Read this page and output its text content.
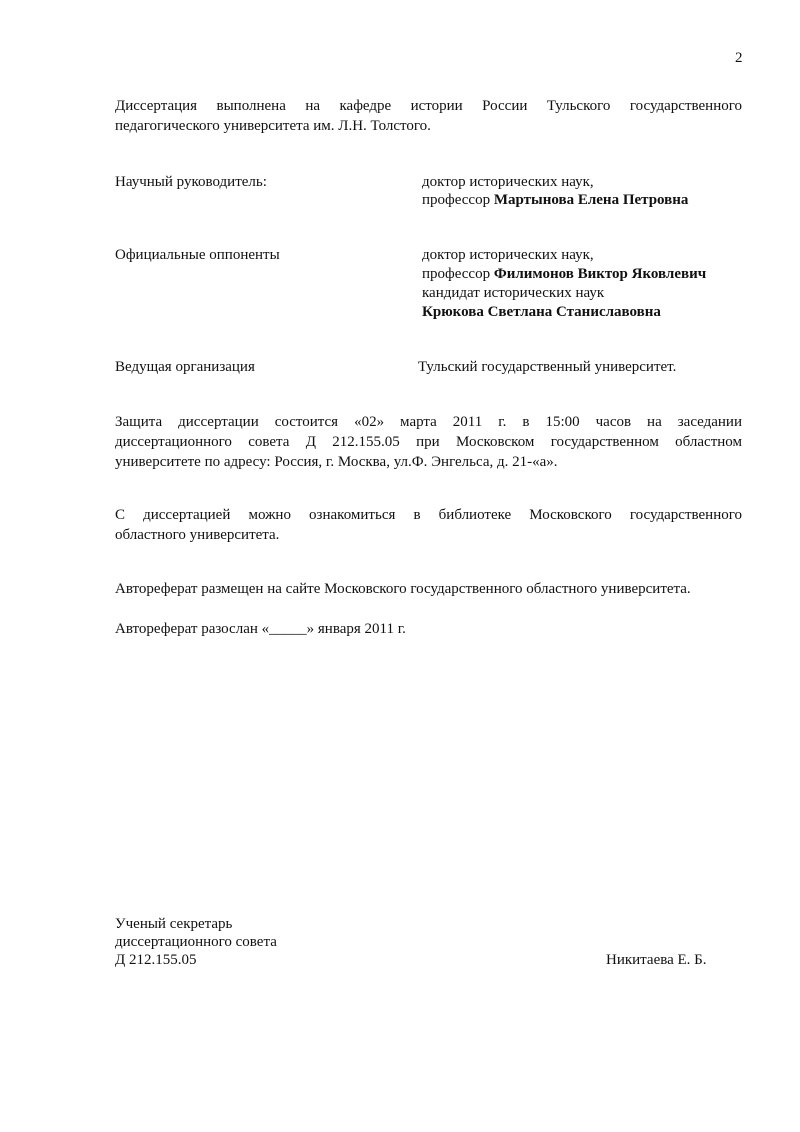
2
Диссертация выполнена на кафедре истории России Тульского государственного
педагогического университета им. Л.Н. Толстого.
Научный руководитель:	доктор исторических наук,
профессор Мартынова Елена Петровна
Официальные оппоненты	доктор исторических наук,
профессор Филимонов Виктор Яковлевич
кандидат исторических наук
Крюкова Светлана Станиславовна
Ведущая организация	Тульский государственный университет.
Защита диссертации состоится «02» марта 2011 г. в 15:00 часов на заседании
диссертационного совета Д 212.155.05 при Московском государственном областном
университете по адресу: Россия, г. Москва, ул.Ф. Энгельса, д. 21-«а».
С диссертацией можно ознакомиться в библиотеке Московского государственного
областного университета.
Автореферат размещен на сайте Московского государственного областного университета.
Автореферат разослан «_____» января 2011 г.
Ученый секретарь
диссертационного совета
Д 212.155.05	Никитаева Е. Б.
